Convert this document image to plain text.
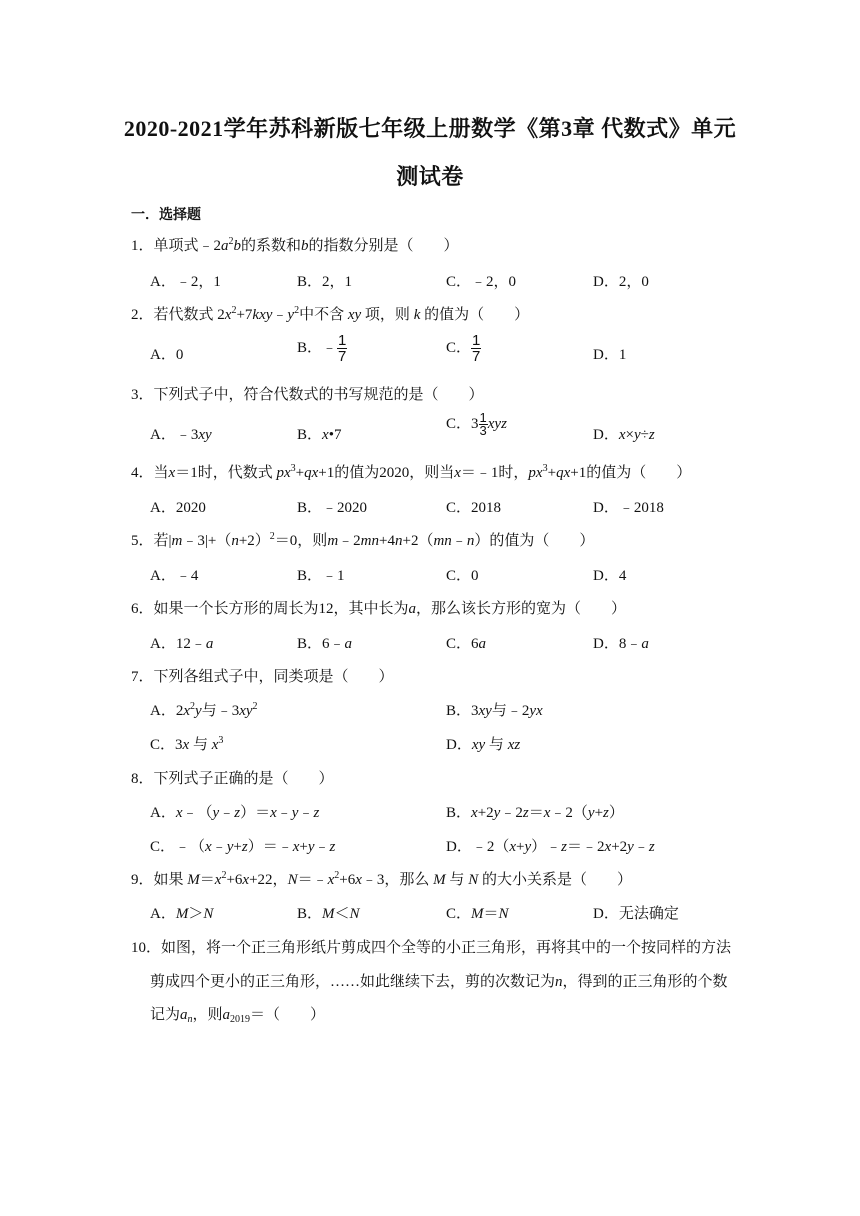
2020-2021学年苏科新版七年级上册数学《第3章 代数式》单元
测试卷
一．选择题
1．单项式$﹣2a^2b$的系数和b的指数分别是（　　）
A．﹣2，1	B．2，1	C．﹣2，0	D．2，0
2．若代数式 $2x^2+7kxy﹣y^2$中不含 xy 项，则 k 的值为（　　）
A．0	B．﹣ $\frac{1}{7}$	C． $\frac{1}{7}$	D．1
3．下列式子中，符合代数式的书写规范的是（　　）
A．﹣3xy	B．x•7
C．$3 \frac{1}{3}$ xyz
D．x×y÷z
4．当x＝1时，代数式 $px^3+qx+1$的值为2020，则当x＝﹣1时，$px^3+qx+1$的值为（　　）
A．2020	B．﹣2020	C．2018	D．﹣2018
5．若$|m﹣3|+(n+2)^2=0$，则m﹣2mn+4n+2（mn﹣n）的值为（　　）
A．﹣4	B．﹣1	C．0	D．4
6．如果一个长方形的周长为12，其中长为a，那么该长方形的宽为（　　）
A．12﹣a	B．6﹣a	C．6a	D．8﹣a
7．下列各组式子中，同类项是（　　）
A．$2x^2y$与$﹣3xy^2$	B．3xy与﹣2yx
C．3x 与 $x^3$	D．xy 与 xz
8．下列式子正确的是（　　）
A．x﹣（y﹣z）＝x﹣y﹣z	B．x+2y﹣2z＝x﹣2（y+z）
C．﹣（x﹣y+z）＝﹣x+y﹣z	D．﹣2（x+y）﹣z＝﹣2x+2y﹣z
9．如果 $M=x^2+6x+22$，$N=﹣x^2+6x﹣3$，那么 M 与 N 的大小关系是（　　）
A．M＞N	B．M＜N	C．M＝N	D．无法确定
10．如图，将一个正三角形纸片剪成四个全等的小正三角形，再将其中的一个按同样的方法
剪成四个更小的正三角形，……如此继续下去，剪的次数记为n，得到的正三角形的个数
记为$a_n$，则$a_{2019}=$（　　）
